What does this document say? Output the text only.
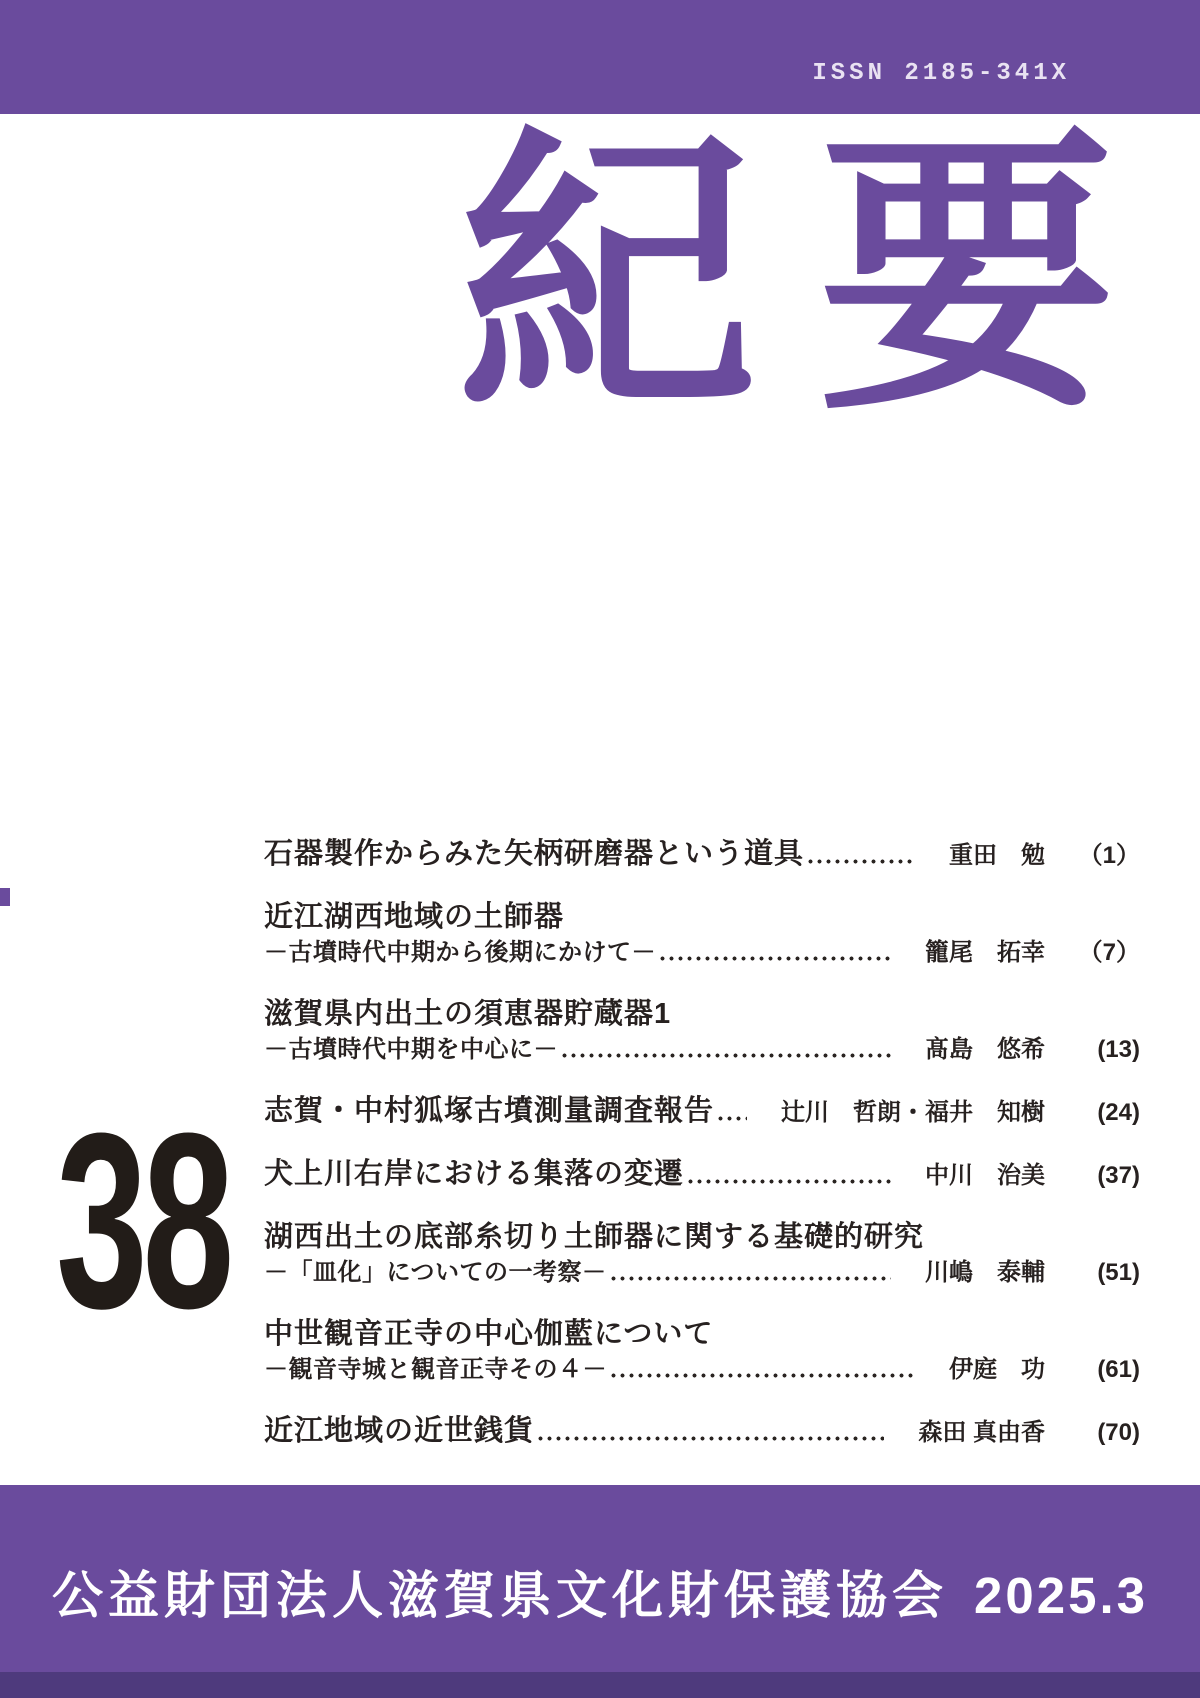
ISSN 2185-341X
紀要
38
石器製作からみた矢柄研磨器という道具	重田　勉	（1）
近江湖西地域の土師器
－古墳時代中期から後期にかけて－	籠尾　拓幸	（7）
滋賀県内出土の須恵器貯蔵器1
－古墳時代中期を中心に－	髙島　悠希	(13)
志賀・中村狐塚古墳測量調査報告	辻川　哲朗・福井　知樹	(24)
犬上川右岸における集落の変遷	中川　治美	(37)
湖西出土の底部糸切り土師器に関する基礎的研究
－「皿化」についての一考察－	川嶋　泰輔	(51)
中世観音正寺の中心伽藍について
－観音寺城と観音正寺その４－	伊庭　功	(61)
近江地域の近世銭貨	森田 真由香	(70)
公益財団法人滋賀県文化財保護協会 2025.3
